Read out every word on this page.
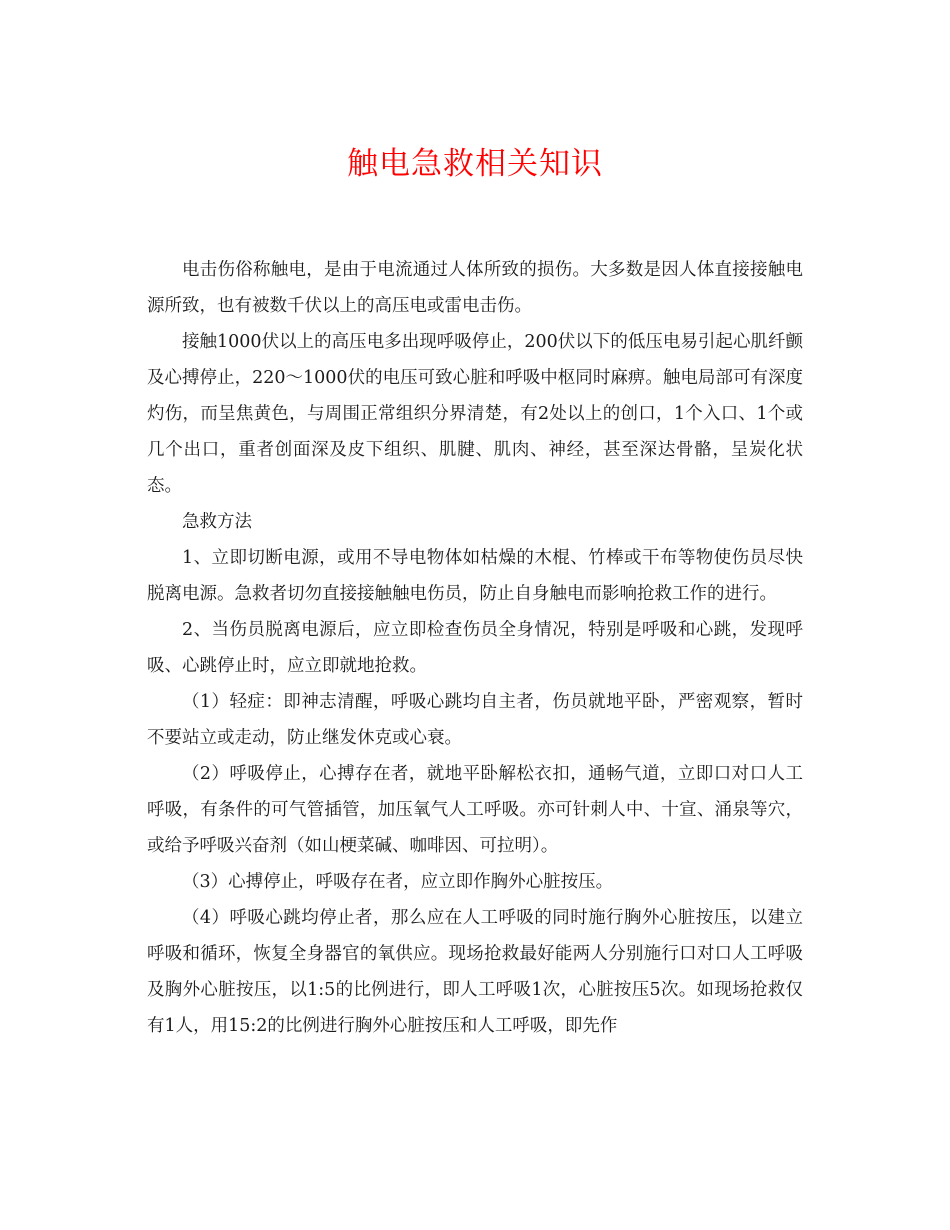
触电急救相关知识

电击伤俗称触电，是由于电流通过人体所致的损伤。大多数是因人体直接接触电源所致，也有被数千伏以上的高压电或雷电击伤。

接触1000伏以上的高压电多出现呼吸停止，200伏以下的低压电易引起心肌纤颤及心搏停止，220～1000伏的电压可致心脏和呼吸中枢同时麻痹。触电局部可有深度灼伤，而呈焦黄色，与周围正常组织分界清楚，有2处以上的创口，1个入口、1个或几个出口，重者创面深及皮下组织、肌腱、肌肉、神经，甚至深达骨骼，呈炭化状态。

急救方法

1、立即切断电源，或用不导电物体如枯燥的木棍、竹棒或干布等物使伤员尽快脱离电源。急救者切勿直接接触触电伤员，防止自身触电而影响抢救工作的进行。

2、当伤员脱离电源后，应立即检查伤员全身情况，特别是呼吸和心跳，发现呼吸、心跳停止时，应立即就地抢救。

（1）轻症：即神志清醒，呼吸心跳均自主者，伤员就地平卧，严密观察，暂时不要站立或走动，防止继发休克或心衰。

（2）呼吸停止，心搏存在者，就地平卧解松衣扣，通畅气道，立即口对口人工呼吸，有条件的可气管插管，加压氧气人工呼吸。亦可针刺人中、十宣、涌泉等穴，或给予呼吸兴奋剂（如山梗菜碱、咖啡因、可拉明）。

（3）心搏停止，呼吸存在者，应立即作胸外心脏按压。

（4）呼吸心跳均停止者，那么应在人工呼吸的同时施行胸外心脏按压，以建立呼吸和循环，恢复全身器官的氧供应。现场抢救最好能两人分别施行口对口人工呼吸及胸外心脏按压，以1:5的比例进行，即人工呼吸1次，心脏按压5次。如现场抢救仅有1人，用15:2的比例进行胸外心脏按压和人工呼吸，即先作
